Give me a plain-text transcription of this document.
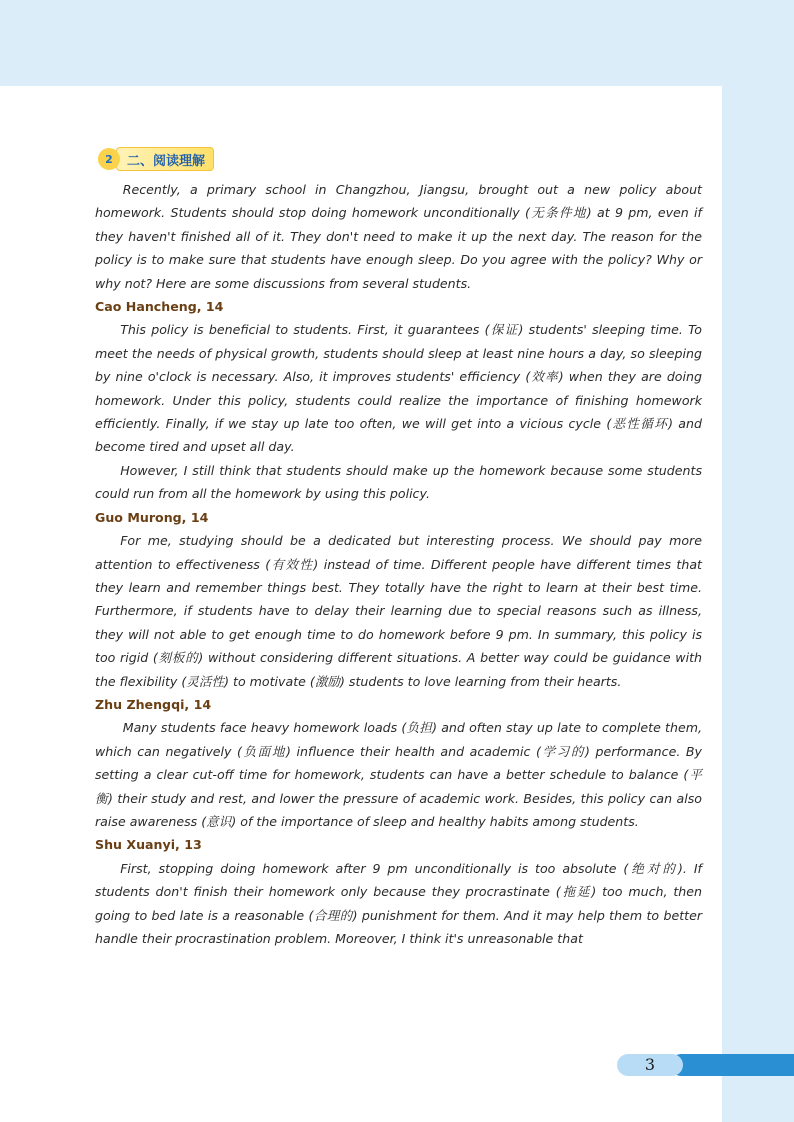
2	二、阅读理解

Recently, a primary school in Changzhou, Jiangsu, brought out a new policy about homework. Students should stop doing homework unconditionally (无条件地) at 9 pm, even if they haven't finished all of it. They don't need to make it up the next day. The reason for the policy is to make sure that students have enough sleep. Do you agree with the policy? Why or why not? Here are some discussions from several students.

Cao Hancheng, 14

This policy is beneficial to students. First, it guarantees (保证) students' sleeping time. To meet the needs of physical growth, students should sleep at least nine hours a day, so sleeping by nine o'clock is necessary. Also, it improves students' efficiency (效率) when they are doing homework. Under this policy, students could realize the importance of finishing homework efficiently. Finally, if we stay up late too often, we will get into a vicious cycle (恶性循环) and become tired and upset all day.

However, I still think that students should make up the homework because some students could run from all the homework by using this policy.

Guo Murong, 14

For me, studying should be a dedicated but interesting process. We should pay more attention to effectiveness (有效性) instead of time. Different people have different times that they learn and remember things best. They totally have the right to learn at their best time. Furthermore, if students have to delay their learning due to special reasons such as illness, they will not able to get enough time to do homework before 9 pm. In summary, this policy is too rigid (刻板的) without considering different situations. A better way could be guidance with the flexibility (灵活性) to motivate (激励) students to love learning from their hearts.

Zhu Zhengqi, 14

Many students face heavy homework loads (负担) and often stay up late to complete them, which can negatively (负面地) influence their health and academic (学习的) performance. By setting a clear cut-off time for homework, students can have a better schedule to balance (平衡) their study and rest, and lower the pressure of academic work. Besides, this policy can also raise awareness (意识) of the importance of sleep and healthy habits among students.

Shu Xuanyi, 13

First, stopping doing homework after 9 pm unconditionally is too absolute (绝对的). If students don't finish their homework only because they procrastinate (拖延) too much, then going to bed late is a reasonable (合理的) punishment for them. And it may help them to better handle their procrastination problem. Moreover, I think it's unreasonable that

3
